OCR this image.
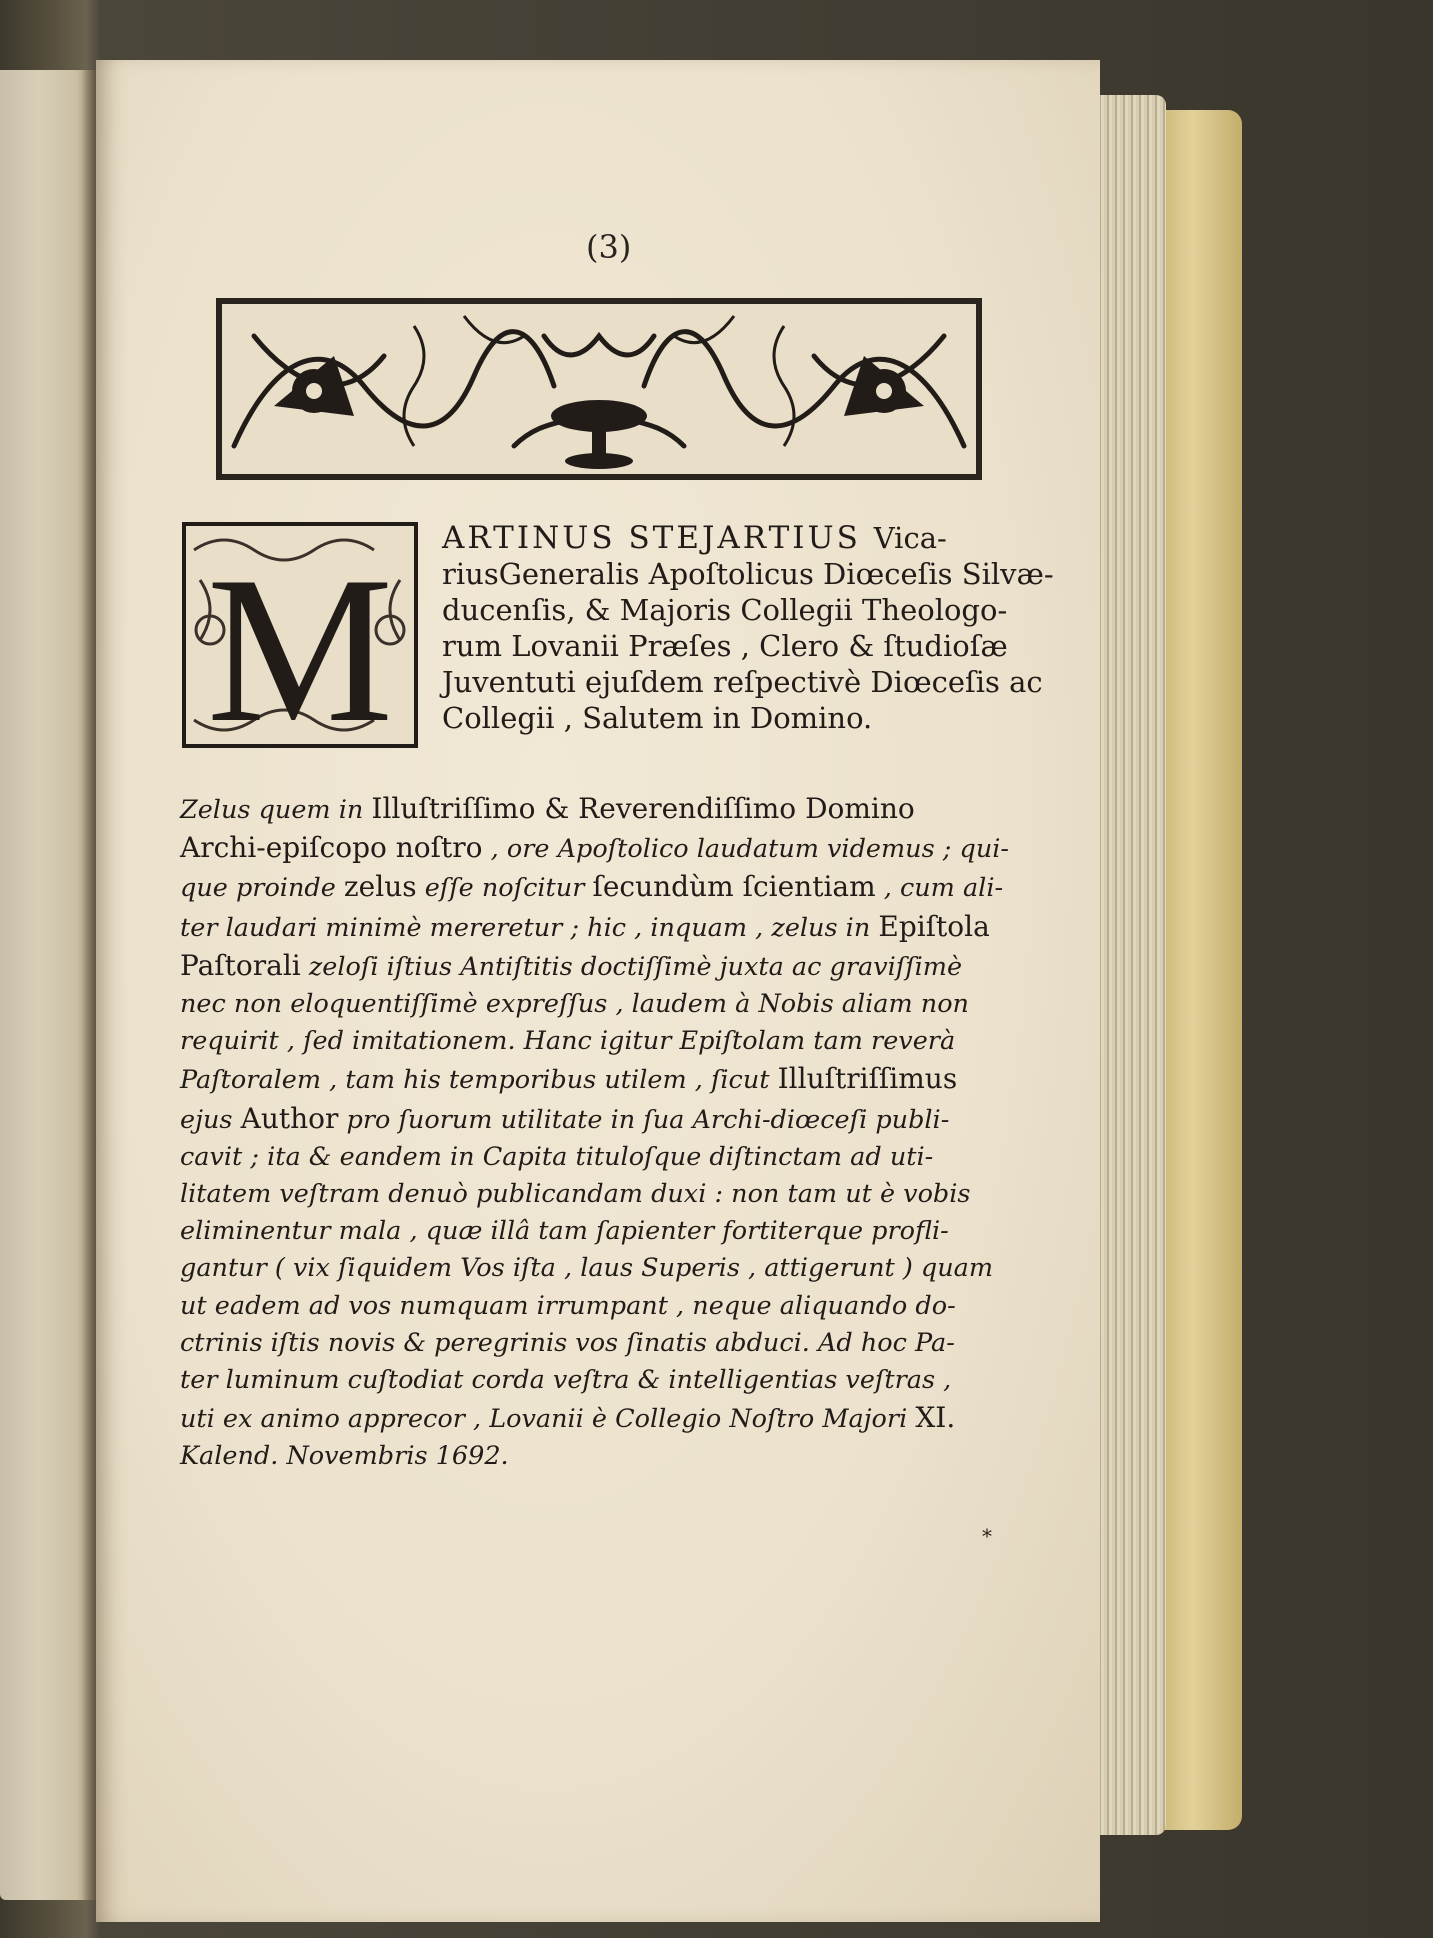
(3)
M ARTINUS STEJARTIUS Vica-
riusGeneralis Apoſtolicus Diœceſis Silvæ-
ducenſis, & Majoris Collegii Theologo-
rum Lovanii Præſes , Clero & ſtudioſæ
Juventuti ejuſdem reſpectivè Diœceſis ac
Collegii , Salutem in Domino.
Zelus quem in Illuſtriſſimo & Reverendiſſimo Domino
Archi-epiſcopo noſtro , ore Apoſtolico laudatum videmus ; qui-
que proinde zelus eſſe noſcitur ſecundùm ſcientiam , cum ali-
ter laudari minimè mereretur ; hic , inquam , zelus in Epiſtola
Paſtorali zeloſi iſtius Antiſtitis doctiſſimè juxta ac graviſſimè
nec non eloquentiſſimè expreſſus , laudem à Nobis aliam non
requirit , ſed imitationem. Hanc igitur Epiſtolam tam reverà
Paſtoralem , tam his temporibus utilem , ſicut Illuſtriſſimus
ejus Author pro ſuorum utilitate in ſua Archi-diœceſi publi-
cavit ; ita & eandem in Capita tituloſque diſtinctam ad uti-
litatem veſtram denuò publicandam duxi : non tam ut è vobis
eliminentur mala , quæ illâ tam ſapienter fortiterque profli-
gantur ( vix ſiquidem Vos iſta , laus Superis , attigerunt ) quam
ut eadem ad vos numquam irrumpant , neque aliquando do-
ctrinis iſtis novis & peregrinis vos ſinatis abduci. Ad hoc Pa-
ter luminum cuſtodiat corda veſtra & intelligentias veſtras ,
uti ex animo apprecor , Lovanii è Collegio Noſtro Majori XI.
Kalend. Novembris 1692.
⁎
